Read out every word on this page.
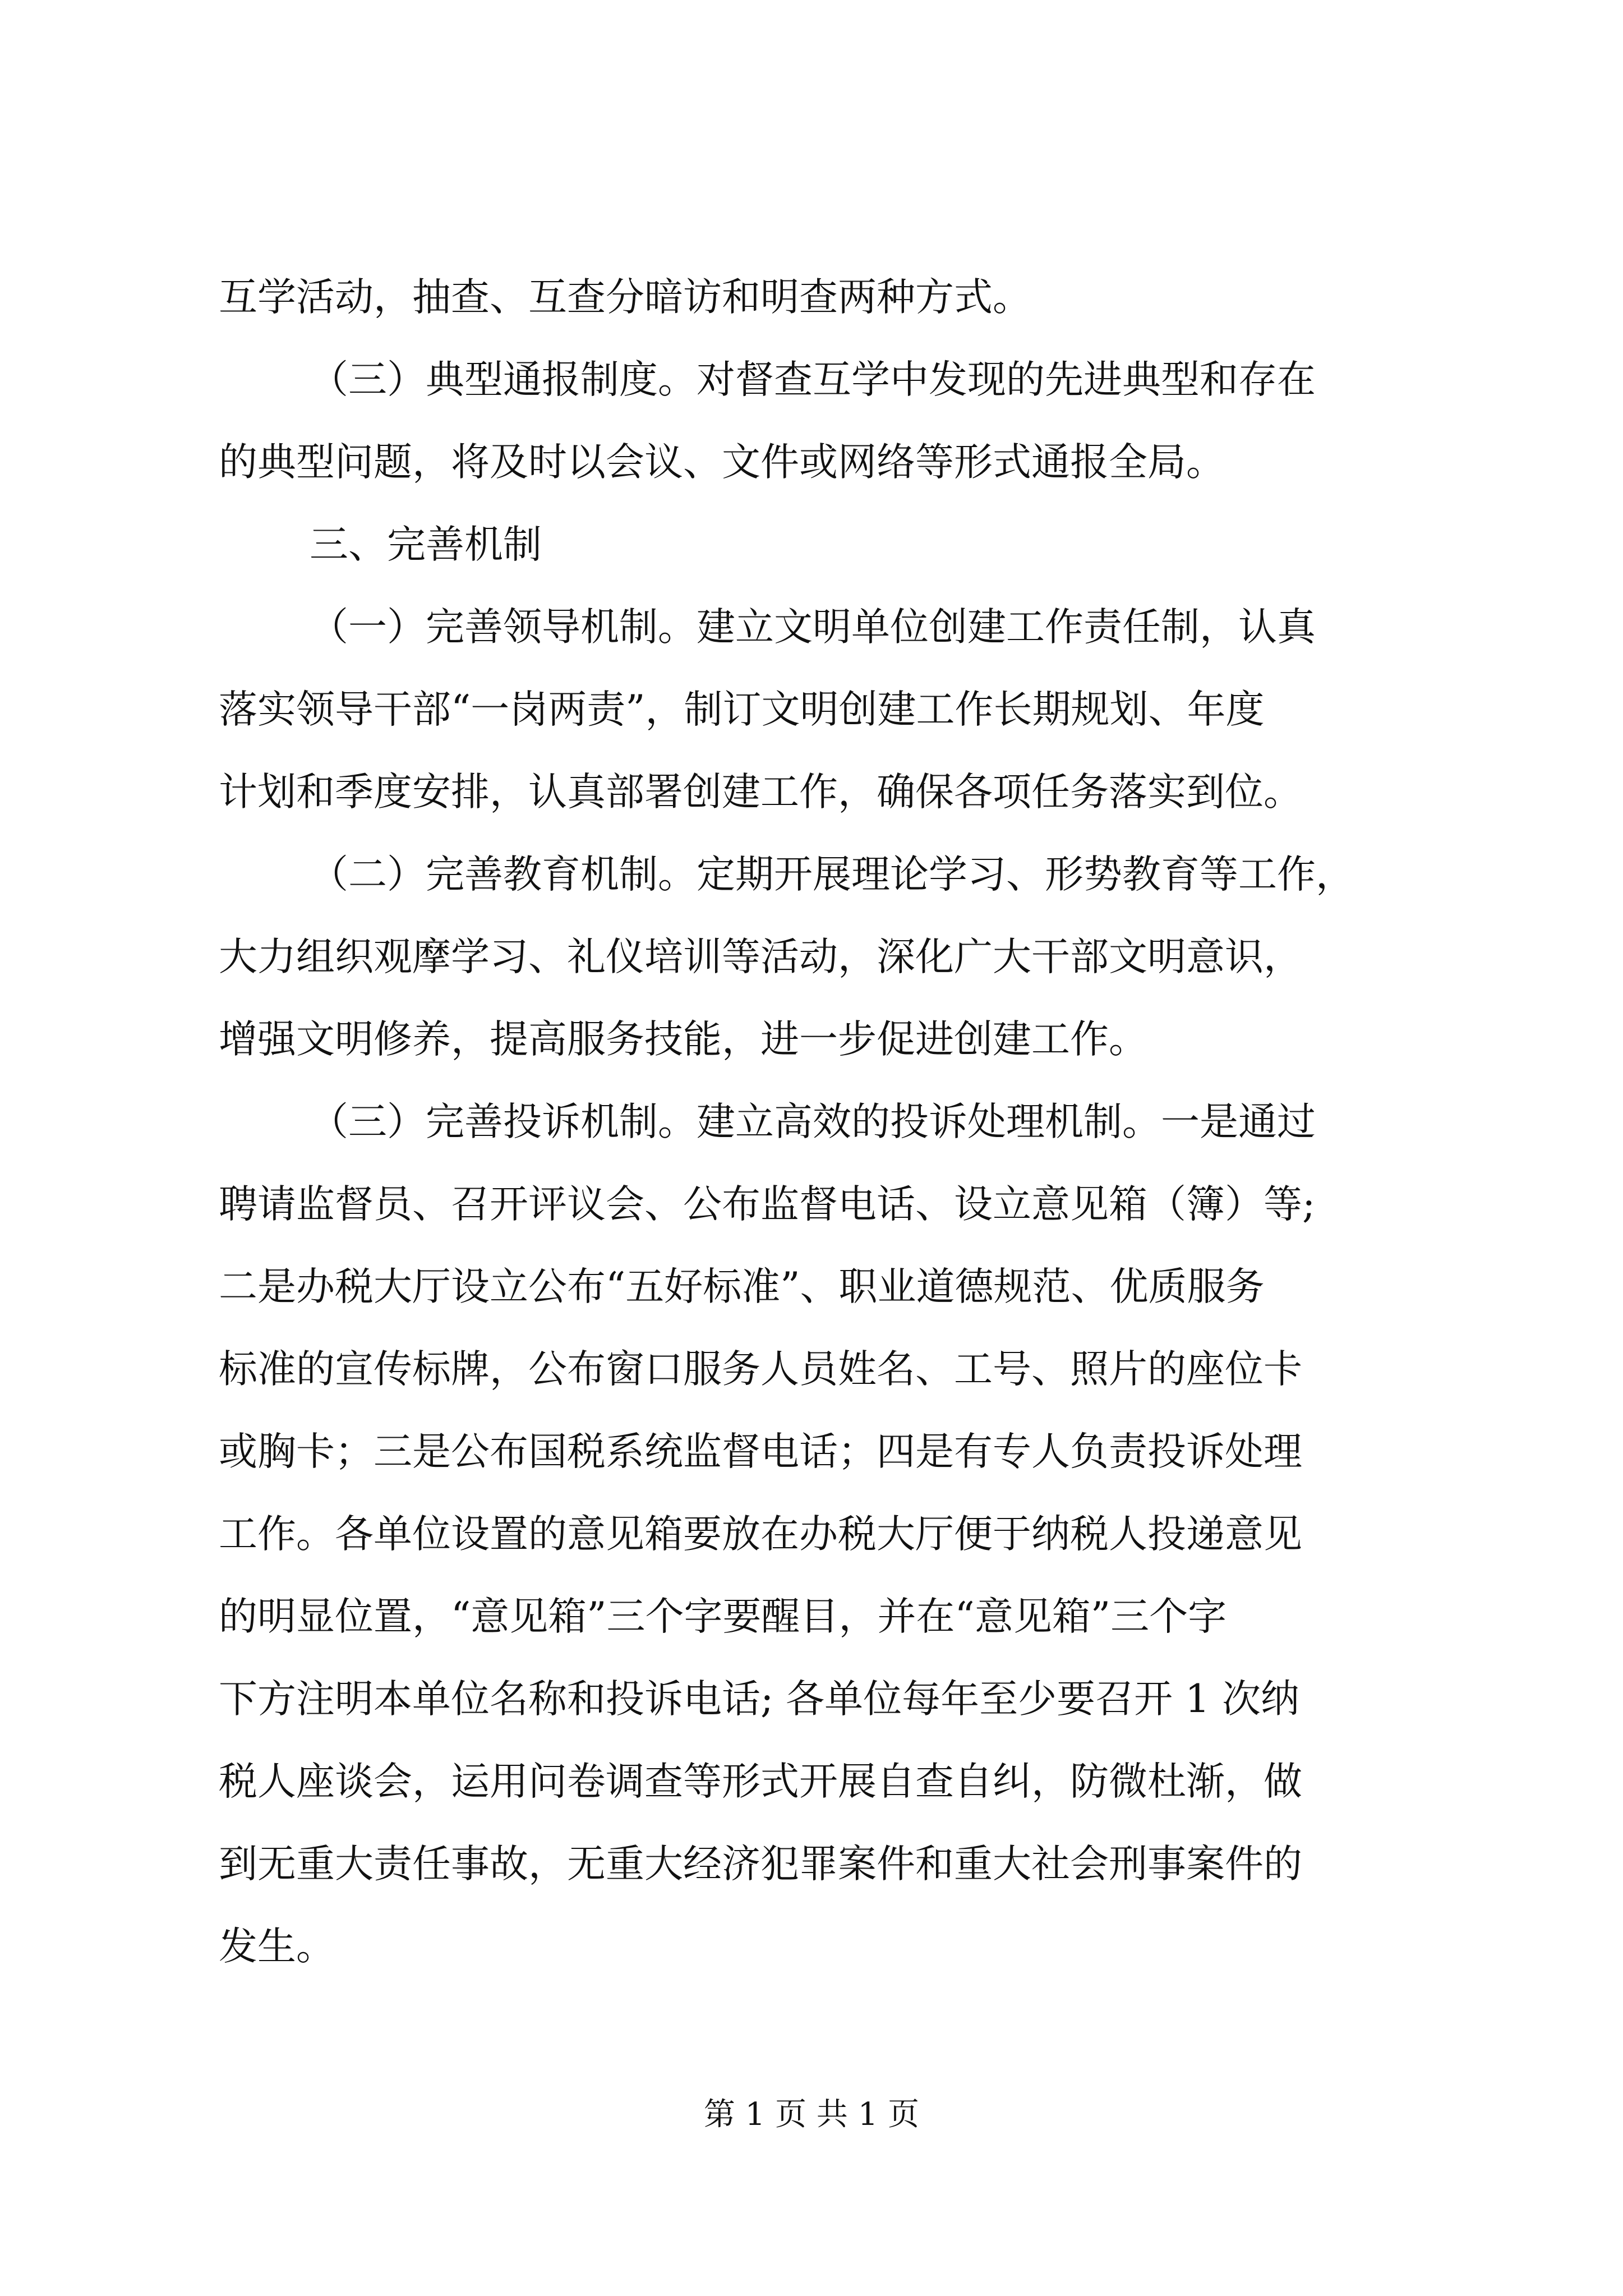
互学活动，抽查、互查分暗访和明查两种方式。
（三）典型通报制度。对督查互学中发现的先进典型和存在
的典型问题，将及时以会议、文件或网络等形式通报全局。
三、完善机制
（一）完善领导机制。建立文明单位创建工作责任制，认真
落实领导干部“一岗两责”，制订文明创建工作长期规划、年度
计划和季度安排，认真部署创建工作，确保各项任务落实到位。
（二）完善教育机制。定期开展理论学习、形势教育等工作，
大力组织观摩学习、礼仪培训等活动，深化广大干部文明意识，
增强文明修养，提高服务技能，进一步促进创建工作。
（三）完善投诉机制。建立高效的投诉处理机制。一是通过
聘请监督员、召开评议会、公布监督电话、设立意见箱（簿）等;
二是办税大厅设立公布“五好标准”、职业道德规范、优质服务
标准的宣传标牌，公布窗口服务人员姓名、工号、照片的座位卡
或胸卡；三是公布国税系统监督电话；四是有专人负责投诉处理
工作。各单位设置的意见箱要放在办税大厅便于纳税人投递意见
的明显位置，“意见箱”三个字要醒目，并在“意见箱”三个字
下方注明本单位名称和投诉电话; 各单位每年至少要召开 1 次纳
税人座谈会，运用问卷调查等形式开展自查自纠，防微杜渐，做
到无重大责任事故，无重大经济犯罪案件和重大社会刑事案件的
发生。
第 1 页 共 1 页
